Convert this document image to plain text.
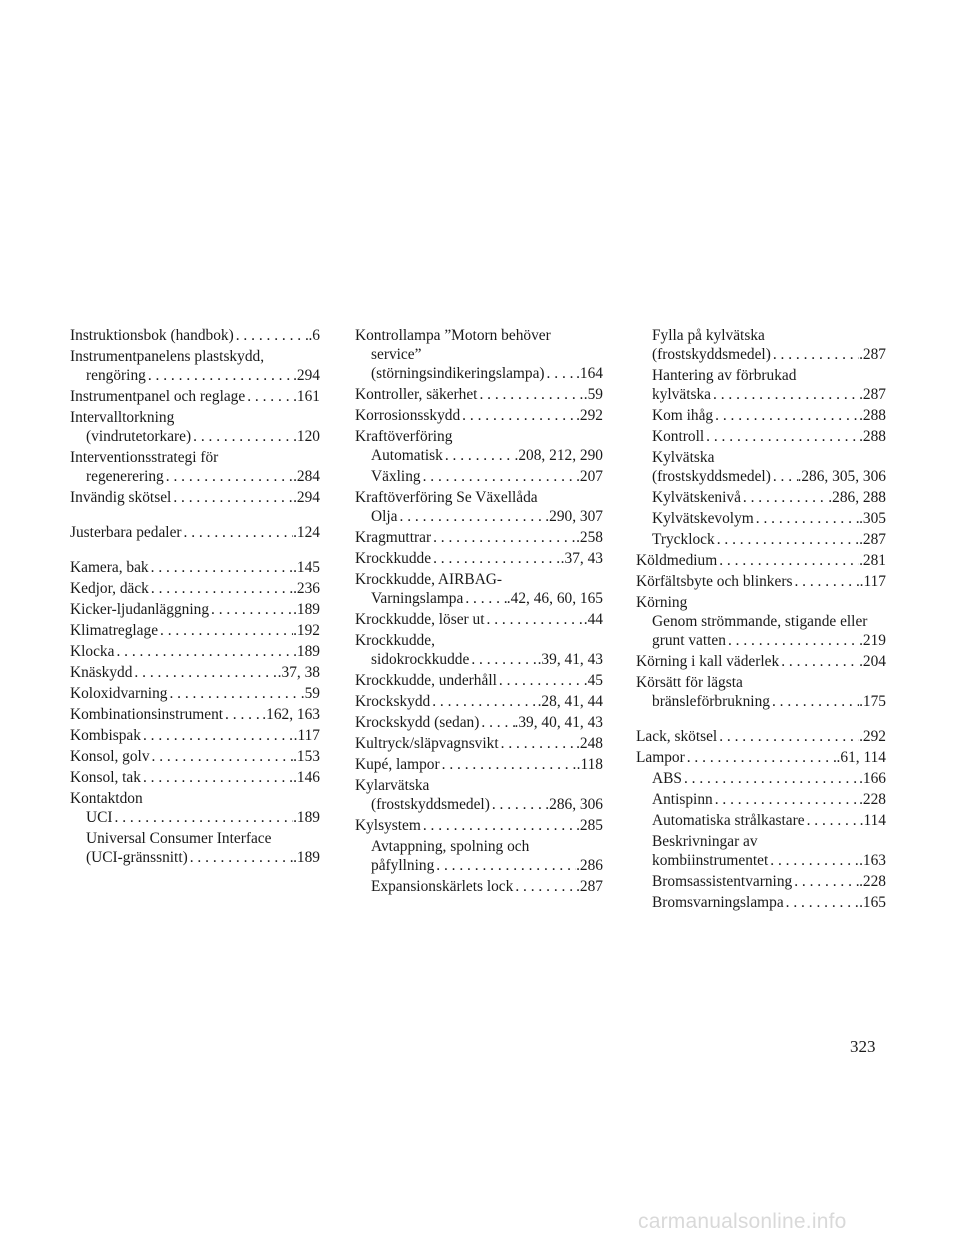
Instruktionsbok (handbok) . . .	.6
Instrumentpanelens plastskydd,
rengöring . . .	.294
Instrumentpanel och reglage . . .	.161
Intervalltorkning
(vindrutetorkare) . . .	.120
Interventionsstrategi för
regenerering . . .	.284
Invändig skötsel . . .	.294
Justerbara pedaler . . .	.124
Kamera, bak . . .	.145
Kedjor, däck . . .	.236
Kicker-ljudanläggning . . .	.189
Klimatreglage . . .	.192
Klocka . . .	.189
Knäskydd . . .	.37, 38
Koloxidvarning . . .	.59
Kombinationsinstrument . . .	.162, 163
Kombispak . . .	.117
Konsol, golv . . .	.153
Konsol, tak . . .	.146
Kontaktdon
UCI . . .	.189
Universal Consumer Interface
(UCI-gränssnitt) . . .	.189
Kontrollampa ”Motorn behöver
service”
(störningsindikeringslampa) . . . .164
Kontroller, säkerhet . . .	.59
Korrosionsskydd . . .	.292
Kraftöverföring
Automatisk . . .	.208, 212, 290
Växling . . .	.207
Kraftöverföring Se Växellåda
Olja . . .	.290, 307
Kragmuttrar . . .	.258
Krockkudde . . .	.37, 43
Krockkudde, AIRBAG-
Varningslampa . . .	.42, 46, 60, 165
Krockkudde, löser ut . . .	.44
Krockkudde,
sidokrockkudde . . .	.39, 41, 43
Krockkudde, underhåll . . .	.45
Krockskydd . . .	.28, 41, 44
Krockskydd (sedan) . . . .39, 40, 41, 43
Kultryck/släpvagnsvikt . . .	.248
Kupé, lampor . . .	.118
Kylarvätska
(frostskyddsmedel) . . .	.286, 306
Kylsystem . . .	.285
Avtappning, spolning och
påfyllning . . .	.286
Expansionskärlets lock . . .	.287
Fylla på kylvätska
(frostskyddsmedel) . . .	.287
Hantering av förbrukad
kylvätska . . .	.287
Kom ihåg . . .	.288
Kontroll . . .	.288
Kylvätska
(frostskyddsmedel) . . . .286, 305, 306
Kylvätskenivå . . .	.286, 288
Kylvätskevolym . . .	.305
Trycklock . . .	.287
Köldmedium . . .	.281
Körfältsbyte och blinkers . . .	.117
Körning
Genom strömmande, stigande eller
grunt vatten . . .	.219
Körning i kall väderlek . . .	.204
Körsätt för lägsta
bränsleförbrukning . . .	.175
Lack, skötsel . . .	.292
Lampor . . .	.61, 114
ABS . . .	.166
Antispinn . . .	.228
Automatiska strålkastare . . .	.114
Beskrivningar av
kombiinstrumentet . . .	.163
Bromsassistentvarning . . .	.228
Bromsvarningslampa . . .	.165
323
carmanualsonline.info
